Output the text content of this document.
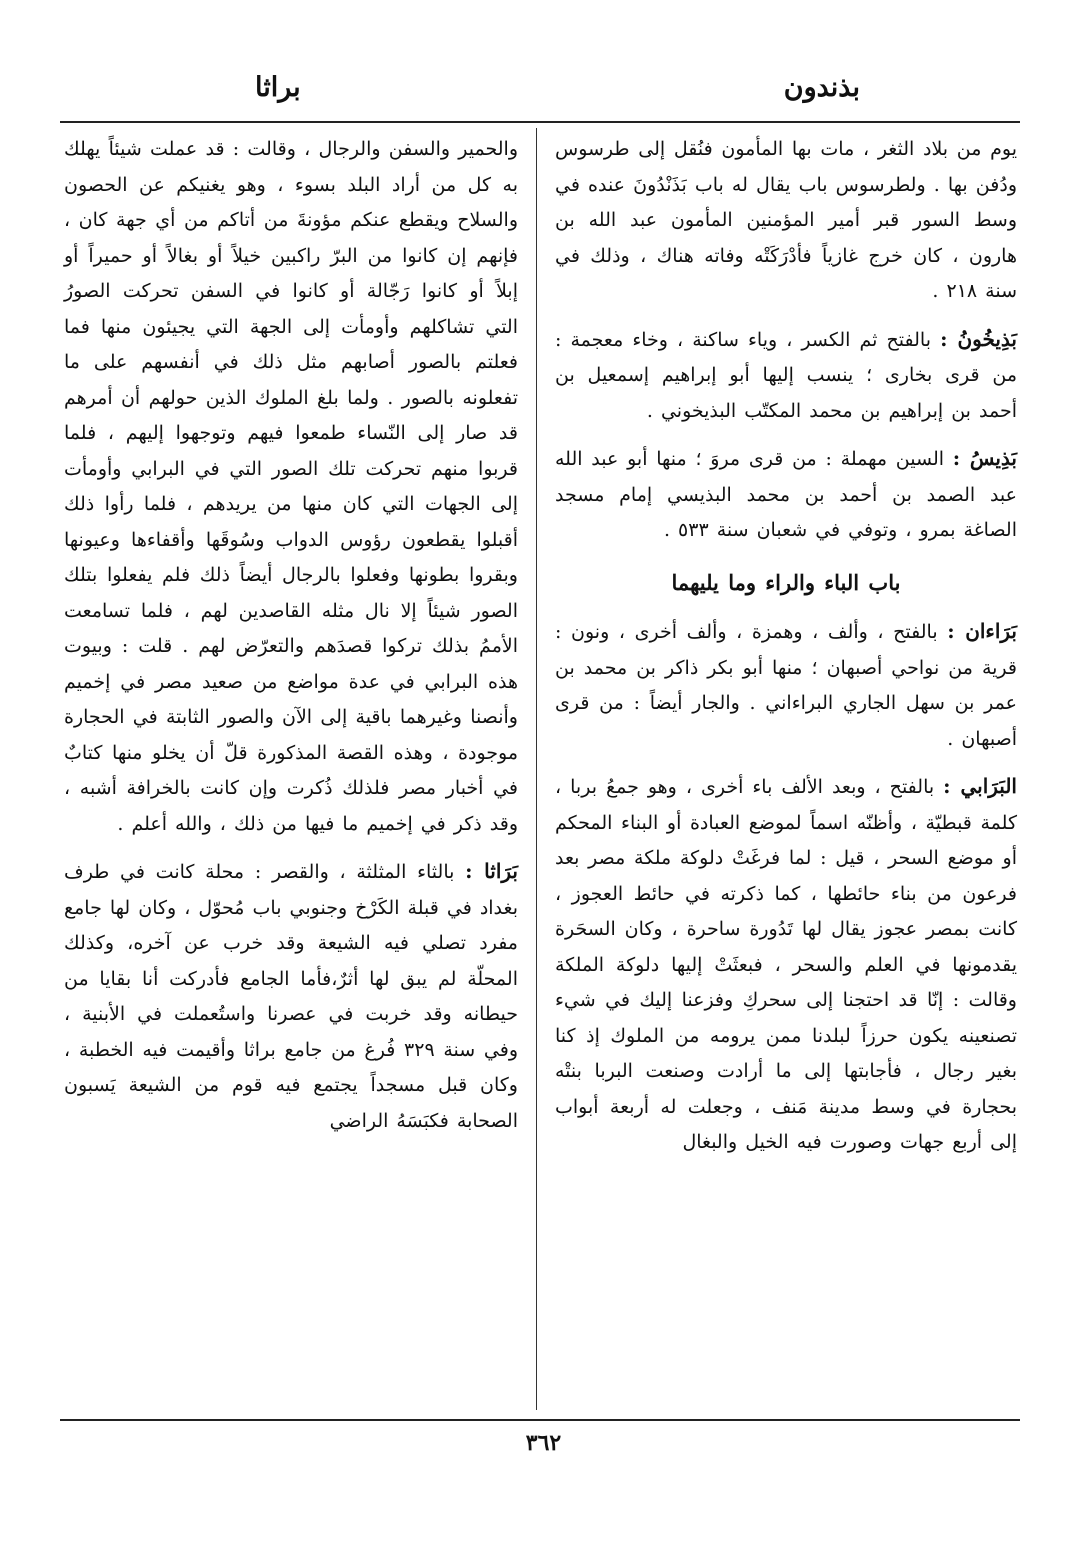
بذندون
براثا

يوم من بلاد الثغر ، مات بها المأمون فنُقل إلى طرسوس ودُفن بها . ولطرسوس باب يقال له باب بَذَنْدُونَ عنده في وسط السور قبر أمير المؤمنين المأمون عبد الله بن هارون ، كان خرج غازياً فأدْرَكَتْه وفاته هناك ، وذلك في سنة ٢١٨ .

بَذِيخُونُ : بالفتح ثم الكسر ، وياء ساكنة ، وخاء معجمة : من قرى بخارى ؛ ينسب إليها أبو إبراهيم إسمعيل بن أحمد بن إبراهيم بن محمد المكتّب البذيخوني .

بَذِيسُ : السين مهملة : من قرى مروَ ؛ منها أبو عبد الله عبد الصمد بن أحمد بن محمد البذيسي إمام مسجد الصاغة بمرو ، وتوفي في شعبان سنة ٥٣٣ .

باب الباء والراء وما يليهما

بَرَاءان : بالفتح ، وألف ، وهمزة ، وألف أخرى ، ونون : قرية من نواحي أصبهان ؛ منها أبو بكر ذاكر بن محمد بن عمر بن سهل الجاري البراءاني . والجار أيضاً : من قرى أصبهان .

البَرَابي : بالفتح ، وبعد الألف باء أخرى ، وهو جمعُ بربا ، كلمة قبطيّة ، وأظنّه اسماً لموضع العبادة أو البناء المحكم أو موضع السحر ، قيل : لما فرغَتْ دلوكة ملكة مصر بعد فرعون من بناء حائطها ، كما ذكرته في حائط العجوز ، كانت بمصر عجوز يقال لها تَدُورة ساحرة ، وكان السحَرة يقدمونها في العلم والسحر ، فبعثَتْ إليها دلوكة الملكة وقالت : إنّا قد احتجنا إلى سحركِ وفزعنا إليك في شيء تصنعينه يكون حرزاً لبلدنا ممن يرومه من الملوك إذ كنا بغير رجال ، فأجابتها إلى ما أرادت وصنعت البربا بنتْه بحجارة في وسط مدينة مَنف ، وجعلت له أربعة أبواب إلى أربع جهات وصورت فيه الخيل والبغال

والحمير والسفن والرجال ، وقالت : قد عملت شيئاً يهلك به كل من أراد البلد بسوء ، وهو يغنيكم عن الحصون والسلاح ويقطع عنكم مؤونةَ من أتاكم من أي جهة كان ، فإنهم إن كانوا من البرّ راكبين خيلاً أو بغالاً أو حميراً أو إبلاً أو كانوا رَجّالة أو كانوا في السفن تحركت الصورُ التي تشاكلهم وأومأت إلى الجهة التي يجيئون منها فما فعلتم بالصور أصابهم مثل ذلك في أنفسهم على ما تفعلونه بالصور . ولما بلغ الملوك الذين حولهم أن أمرهم قد صار إلى النّساء طمعوا فيهم وتوجهوا إليهم ، فلما قربوا منهم تحركت تلك الصور التي في البرابي وأومأت إلى الجهات التي كان منها من يريدهم ، فلما رأوا ذلك أقبلوا يقطعون رؤوس الدواب وسُوقَها وأقفاءها وعيونها وبقروا بطونها وفعلوا بالرجال أيضاً ذلك فلم يفعلوا بتلك الصور شيئاً إلا نال مثله القاصدين لهم ، فلما تسامعت الأممُ بذلك تركوا قصدَهم والتعرّض لهم . قلت : وبيوت هذه البرابي في عدة مواضع من صعيد مصر في إخميم وأنصنا وغيرهما باقية إلى الآن والصور الثابتة في الحجارة موجودة ، وهذه القصة المذكورة قلّ أن يخلو منها كتابٌ في أخبار مصر فلذلك ذُكرت وإن كانت بالخرافة أشبه ، وقد ذكر في إخميم ما فيها من ذلك ، والله أعلم .

بَرَاثا : بالثاء المثلثة ، والقصر : محلة كانت في طرف بغداد في قبلة الكَرْخ وجنوبي باب مُحوّل ، وكان لها جامع مفرد تصلي فيه الشيعة وقد خرب عن آخره، وكذلك المحلّة لم يبق لها أثرٌ،فأما الجامع فأدركت أنا بقايا من حيطانه وقد خربت في عصرنا واستُعملت في الأبنية ، وفي سنة ٣٢٩ فُرغ من جامع براثا وأقيمت فيه الخطبة ، وكان قبل مسجداً يجتمع فيه قوم من الشيعة يَسبون الصحابة فكبَسَهُ الراضي

٣٦٢
